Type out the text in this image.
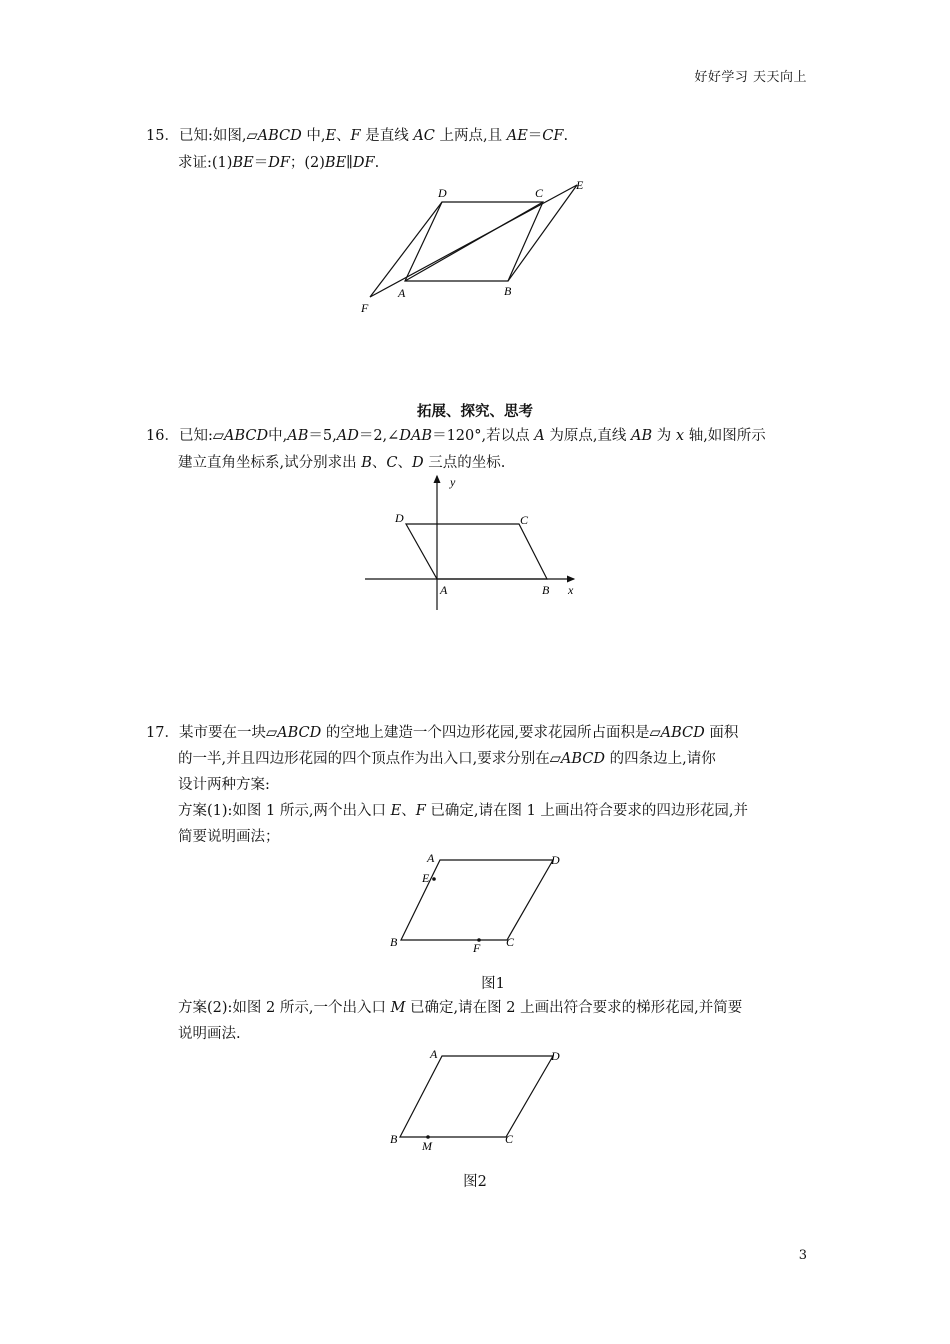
好好学习 天天向上
3
15．已知:如图,▱ABCD 中,E、F 是直线 AC 上两点,且 AE＝CF.
求证:(1)BE＝DF；(2)BE∥DF.
D	C
E
A	B
F
拓展、探究、思考
16．已知:▱ABCD中,AB＝5,AD＝2,∠DAB＝120°,若以点 A 为原点,直线 AB 为 x 轴,如图所示
建立直角坐标系,试分别求出 B、C、D 三点的坐标.
y
D	C
A	B x
17．某市要在一块▱ABCD 的空地上建造一个四边形花园,要求花园所占面积是▱ABCD 面积
的一半,并且四边形花园的四个顶点作为出入口,要求分别在▱ABCD 的四条边上,请你
设计两种方案:
方案(1):如图 1 所示,两个出入口 E、F 已确定,请在图 1 上画出符合要求的四边形花园,并
简要说明画法；
A	D
E
B	F C
图1
方案(2):如图 2 所示,一个出入口 M 已确定,请在图 2 上画出符合要求的梯形花园,并简要
说明画法.
A	D
B M	C
图2
